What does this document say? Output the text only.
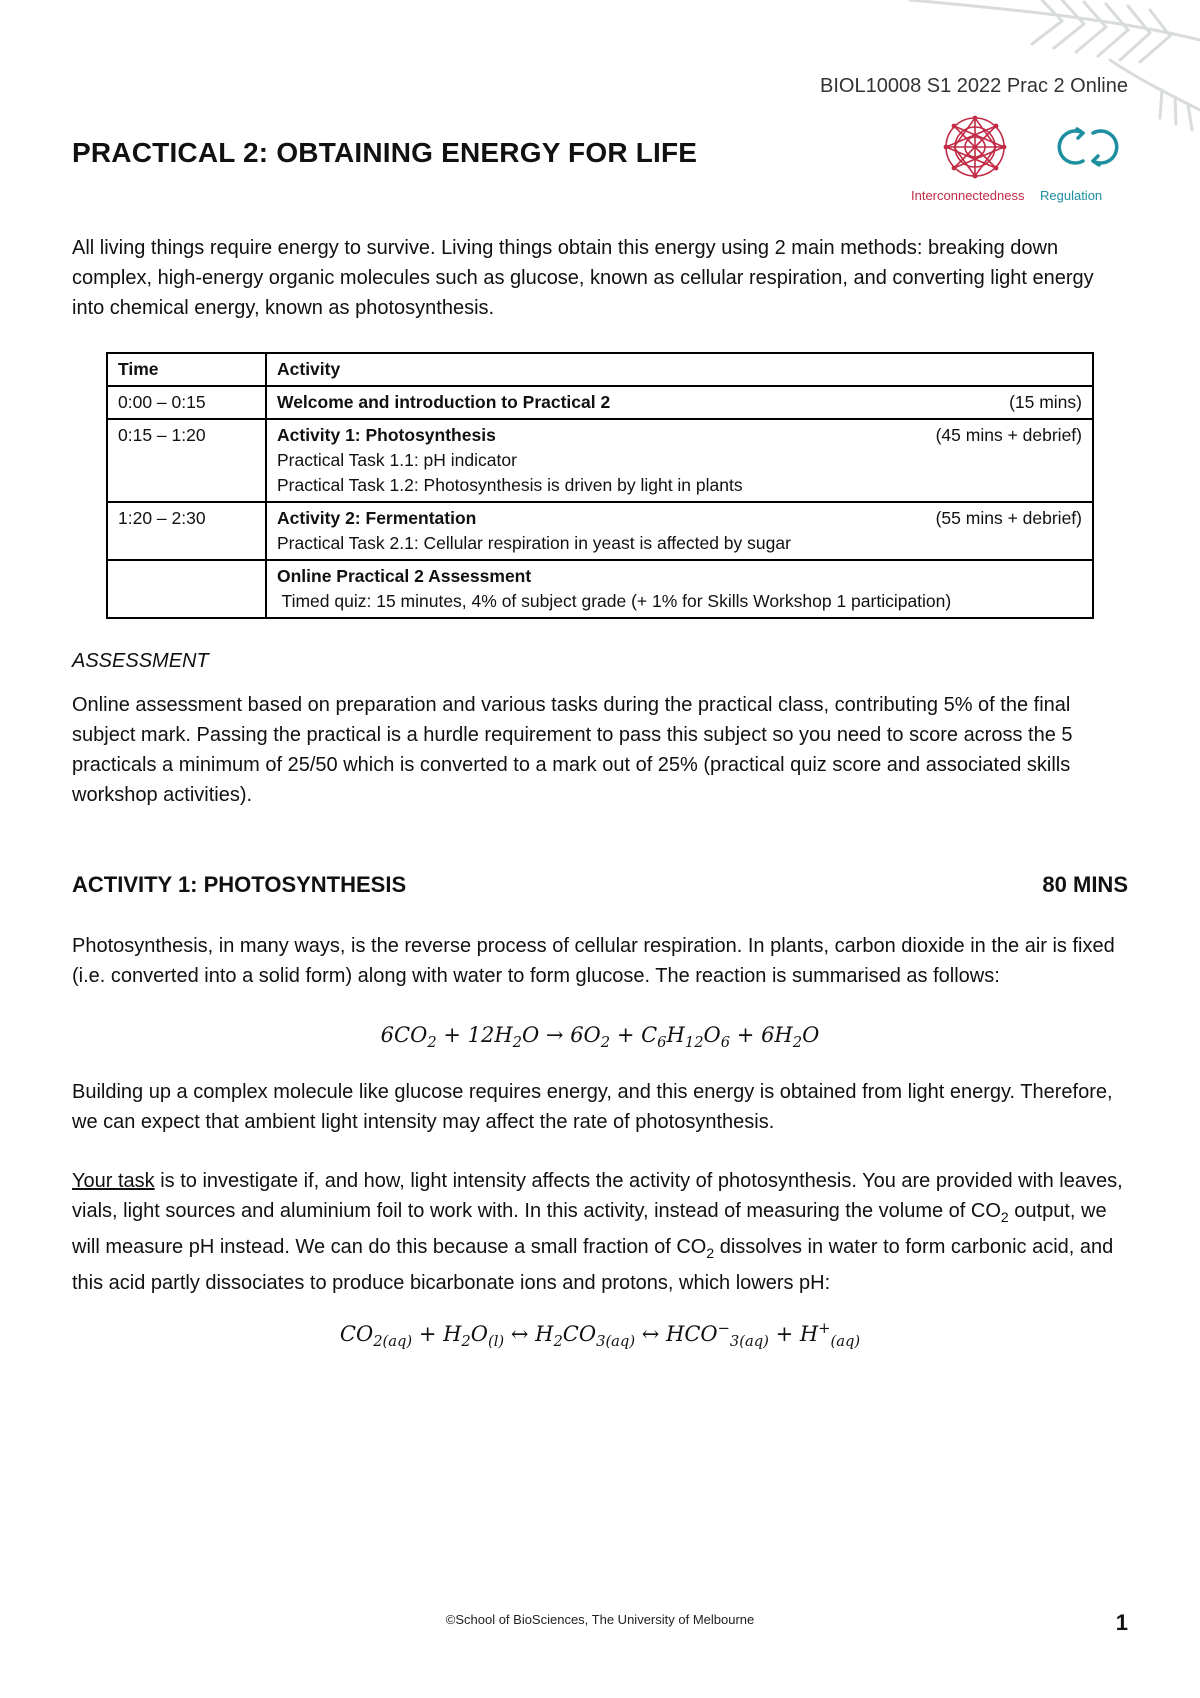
BIOL10008 S1 2022 Prac 2 Online
PRACTICAL 2: OBTAINING ENERGY FOR LIFE
Interconnectedness Regulation

All living things require energy to survive. Living things obtain this energy using 2 main methods: breaking down complex, high-energy organic molecules such as glucose, known as cellular respiration, and converting light energy into chemical energy, known as photosynthesis.

Time	Activity
0:00 – 0:15	Welcome and introduction to Practical 2 (15 mins)

0:15 – 1:20	Activity 1: Photosynthesis (45 mins + debrief)
Practical Task 1.1: pH indicator
Practical Task 1.2: Photosynthesis is driven by light in plants

1:20 – 2:30	Activity 2: Fermentation (55 mins + debrief)
Practical Task 2.1: Cellular respiration in yeast is affected by sugar

	Online Practical 2 Assessment
Timed quiz: 15 minutes, 4% of subject grade (+ 1% for Skills Workshop 1 participation)
ASSESSMENT

Online assessment based on preparation and various tasks during the practical class, contributing 5% of the final subject mark. Passing the practical is a hurdle requirement to pass this subject so you need to score across the 5 practicals a minimum of 25/50 which is converted to a mark out of 25% (practical quiz score and associated skills workshop activities).

ACTIVITY 1: PHOTOSYNTHESIS	80 MINS

Photosynthesis, in many ways, is the reverse process of cellular respiration. In plants, carbon dioxide in the air is fixed (i.e. converted into a solid form) along with water to form glucose. The reaction is summarised as follows:

$6CO_2 + 12H_2O \to 6O_2 + C_6H_{12}O_6 + 6H_2O$

Building up a complex molecule like glucose requires energy, and this energy is obtained from light energy. Therefore, we can expect that ambient light intensity may affect the rate of photosynthesis.

Your task is to investigate if, and how, light intensity affects the activity of photosynthesis. You are provided with leaves, vials, light sources and aluminium foil to work with. In this activity, instead of measuring the volume of $CO_2$ output, we will measure pH instead. We can do this because a small fraction of $CO_2$ dissolves in water to form carbonic acid, and this acid partly dissociates to produce bicarbonate ions and protons, which lowers pH:

$CO_{2(aq)} + H_2O_{(l)}$ ↔ $H_2CO_{3(aq)}$ ↔ $HCO^-_{3(aq)} + H^+_{(aq)}$
©School of BioSciences, The University of Melbourne	1
